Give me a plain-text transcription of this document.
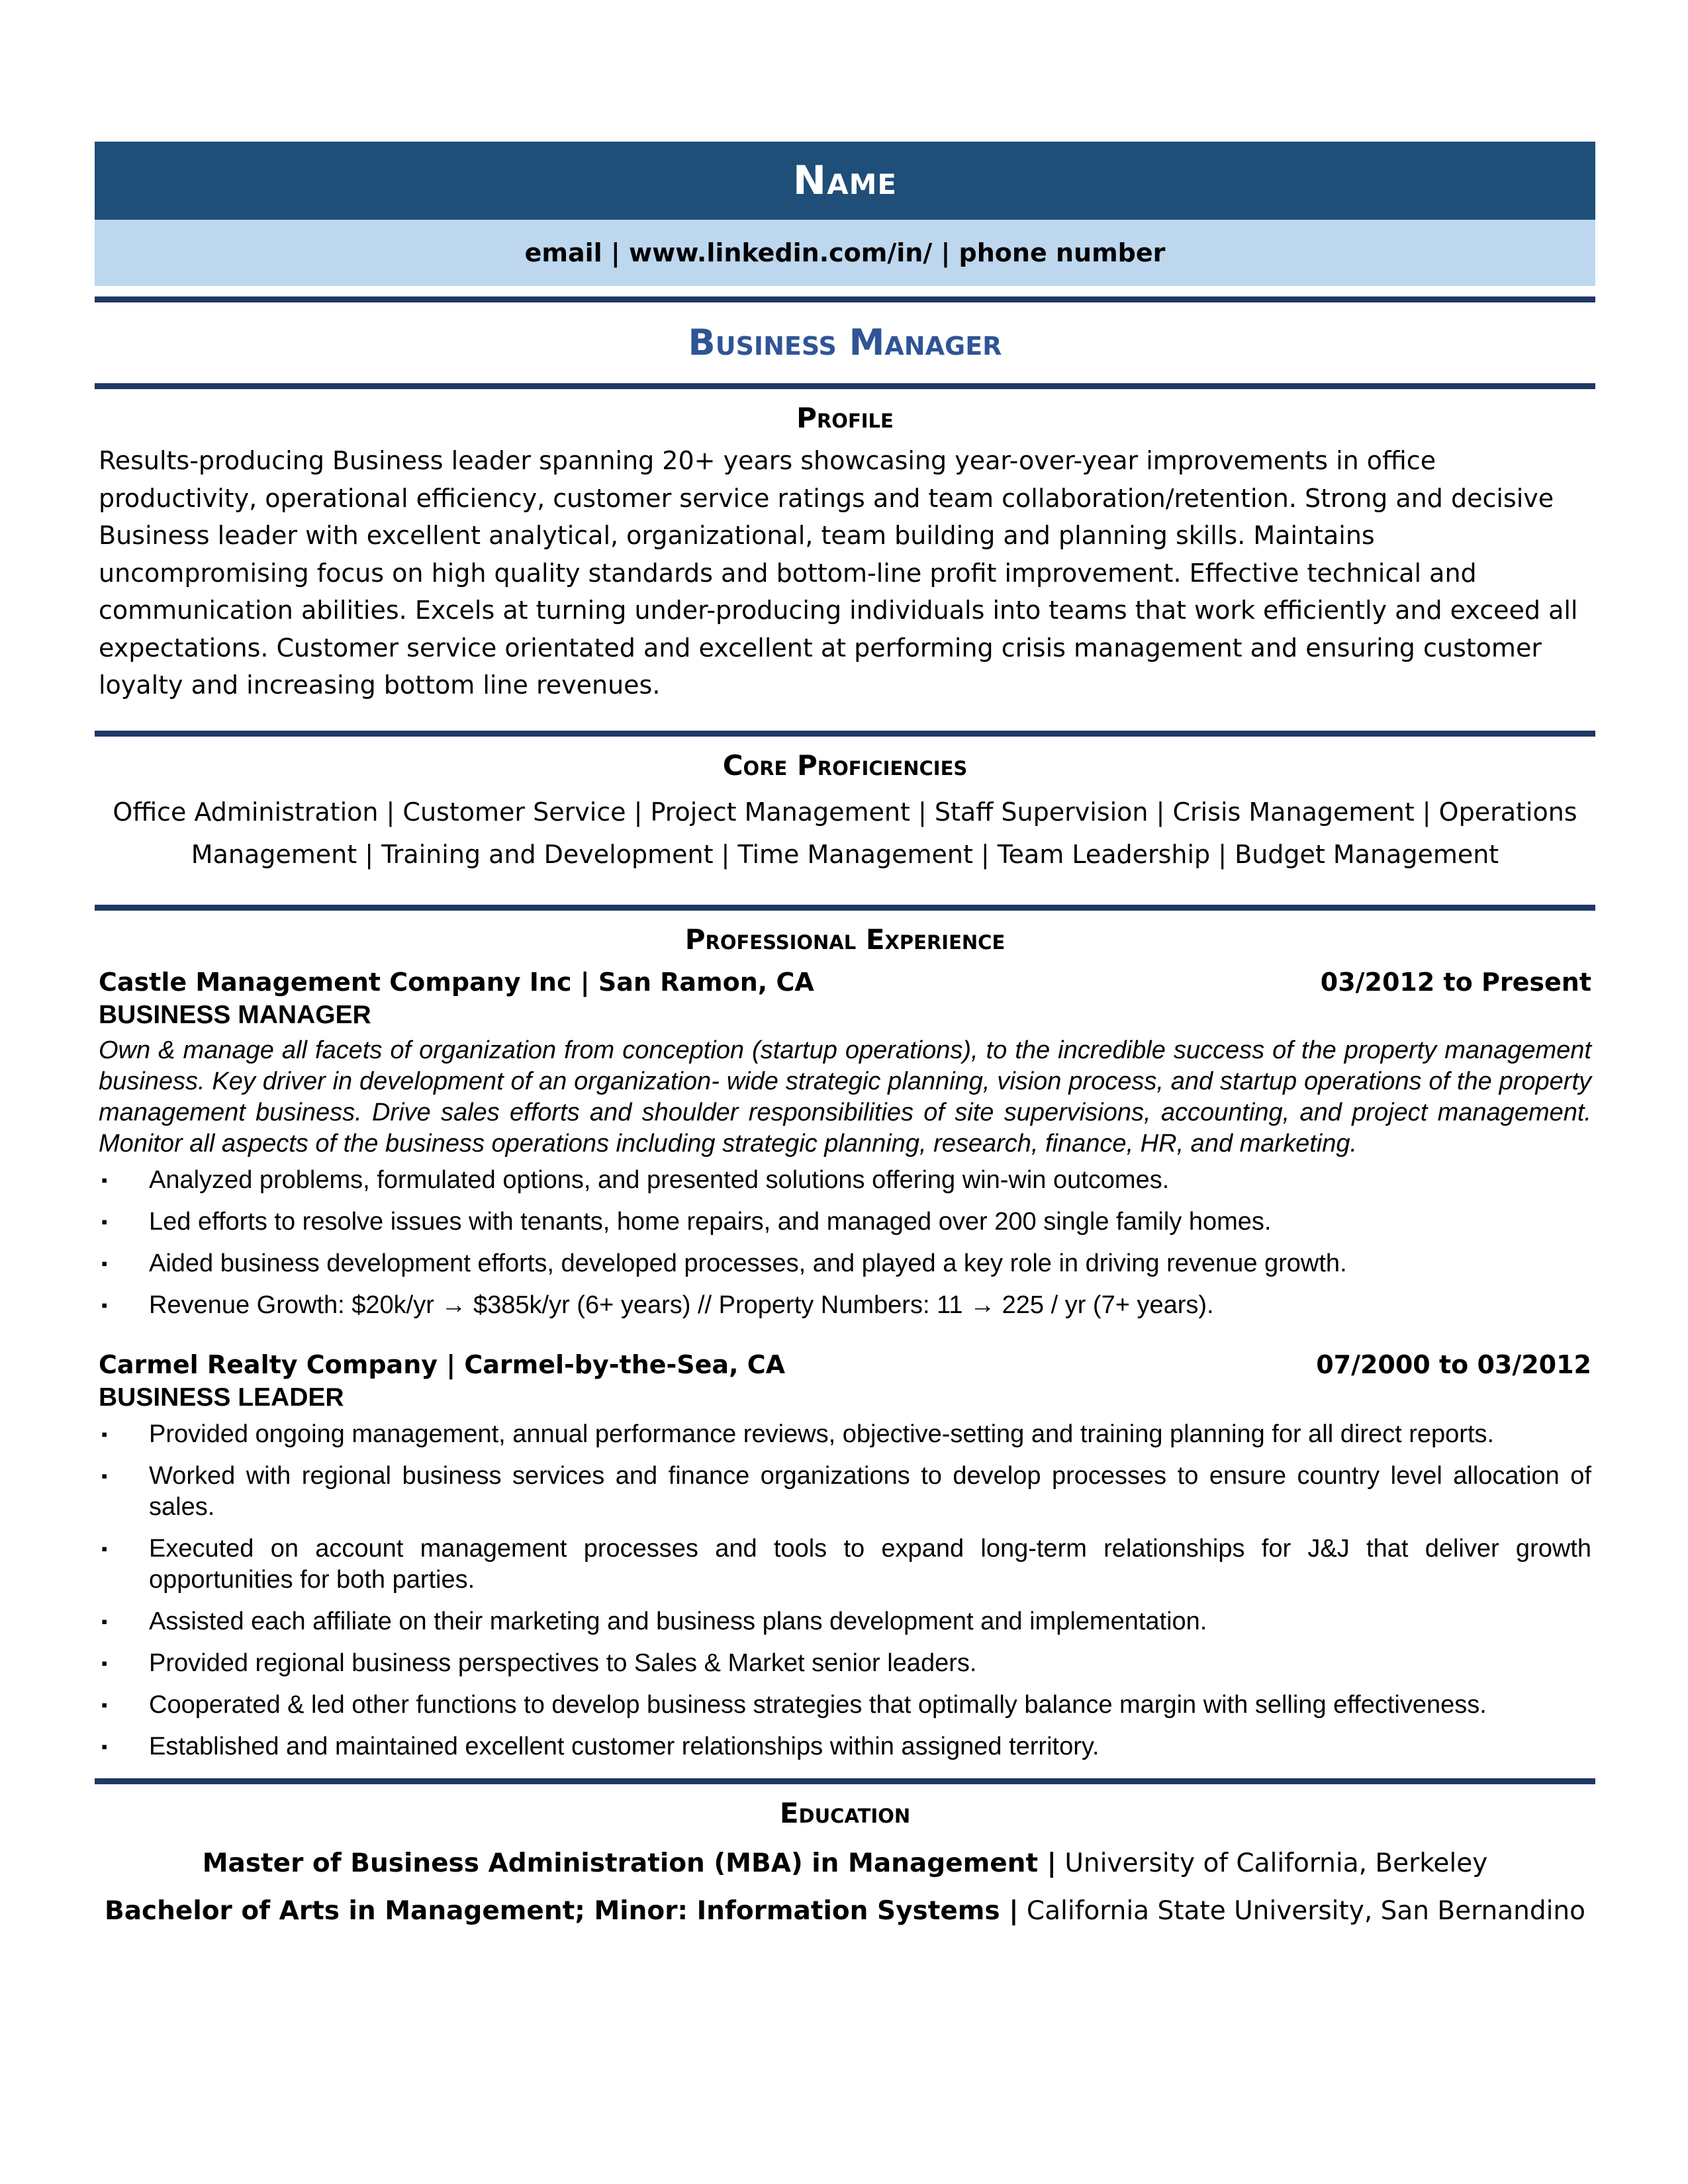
Name
email | www.linkedin.com/in/ | phone number
Business Manager
Profile
Results-producing Business leader spanning 20+ years showcasing year-over-year improvements in office productivity, operational efficiency, customer service ratings and team collaboration/retention. Strong and decisive Business leader with excellent analytical, organizational, team building and planning skills. Maintains uncompromising focus on high quality standards and bottom-line profit improvement. Effective technical and communication abilities. Excels at turning under-producing individuals into teams that work efficiently and exceed all expectations. Customer service orientated and excellent at performing crisis management and ensuring customer loyalty and increasing bottom line revenues.
Core Proficiencies
Office Administration | Customer Service | Project Management | Staff Supervision | Crisis Management | Operations Management | Training and Development | Time Management | Team Leadership | Budget Management
Professional Experience
Castle Management Company Inc | San Ramon, CA	03/2012 to Present
BUSINESS MANAGER
Own & manage all facets of organization from conception (startup operations), to the incredible success of the property management business. Key driver in development of an organization- wide strategic planning, vision process, and startup operations of the property management business. Drive sales efforts and shoulder responsibilities of site supervisions, accounting, and project management. Monitor all aspects of the business operations including strategic planning, research, finance, HR, and marketing.
▪ Analyzed problems, formulated options, and presented solutions offering win-win outcomes.
▪ Led efforts to resolve issues with tenants, home repairs, and managed over 200 single family homes.
▪ Aided business development efforts, developed processes, and played a key role in driving revenue growth.
▪ Revenue Growth: $20k/yr → $385k/yr (6+ years) // Property Numbers: 11 → 225 / yr (7+ years).
Carmel Realty Company | Carmel-by-the-Sea, CA	07/2000 to 03/2012
BUSINESS LEADER
▪ Provided ongoing management, annual performance reviews, objective-setting and training planning for all direct reports.
▪ Worked with regional business services and finance organizations to develop processes to ensure country level allocation of sales.
▪ Executed on account management processes and tools to expand long-term relationships for J&J that deliver growth opportunities for both parties.
▪ Assisted each affiliate on their marketing and business plans development and implementation.
▪ Provided regional business perspectives to Sales & Market senior leaders.
▪ Cooperated & led other functions to develop business strategies that optimally balance margin with selling effectiveness.
▪ Established and maintained excellent customer relationships within assigned territory.
Education
Master of Business Administration (MBA) in Management | University of California, Berkeley
Bachelor of Arts in Management; Minor: Information Systems | California State University, San Bernandino
